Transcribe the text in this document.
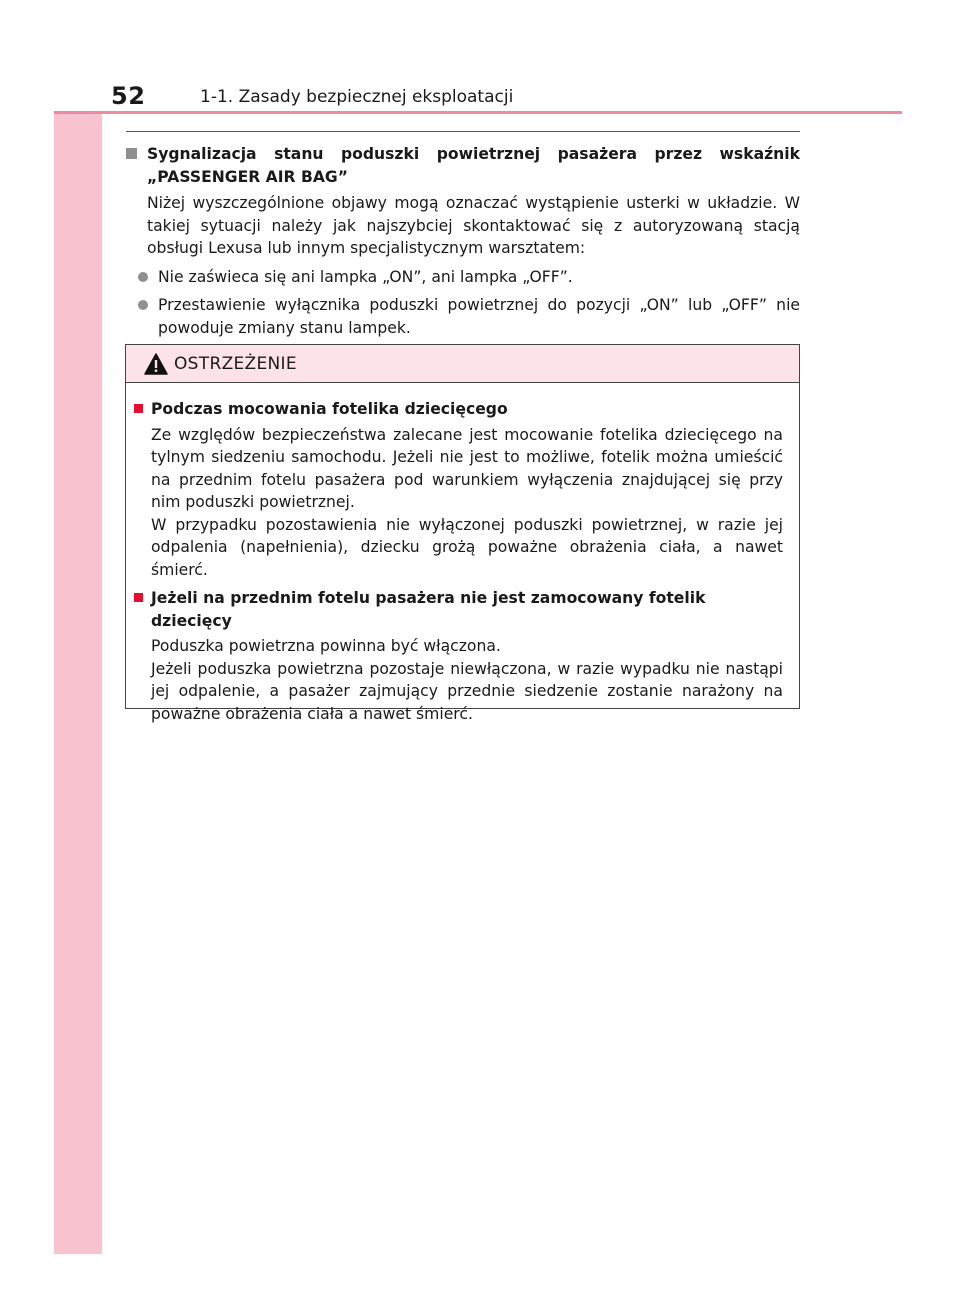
52	1-1. Zasady bezpiecznej eksploatacji
Sygnalizacja stanu poduszki powietrznej pasażera przez wskaźnik „PASSENGER AIR BAG”
Niżej wyszczególnione objawy mogą oznaczać wystąpienie usterki w układzie. W takiej sytuacji należy jak najszybciej skontaktować się z autoryzowaną stacją obsługi Lexusa lub innym specjalistycznym warsztatem:
Nie zaświeca się ani lampka „ON”, ani lampka „OFF”.
Przestawienie wyłącznika poduszki powietrznej do pozycji „ON” lub „OFF” nie powoduje zmiany stanu lampek.
OSTRZEŻENIE
Podczas mocowania fotelika dziecięcego

Ze względów bezpieczeństwa zalecane jest mocowanie fotelika dziecięcego na tylnym siedzeniu samochodu. Jeżeli nie jest to możliwe, fotelik można umieścić na przednim fotelu pasażera pod warunkiem wyłączenia znajdującej się przy nim poduszki powietrznej.

W przypadku pozostawienia nie wyłączonej poduszki powietrznej, w razie jej odpalenia (napełnienia), dziecku grożą poważne obrażenia ciała, a nawet śmierć.

Jeżeli na przednim fotelu pasażera nie jest zamocowany fotelik dziecięcy

Poduszka powietrzna powinna być włączona.

Jeżeli poduszka powietrzna pozostaje niewłączona, w razie wypadku nie nastąpi jej odpalenie, a pasażer zajmujący przednie siedzenie zostanie narażony na poważne obrażenia ciała a nawet śmierć.
